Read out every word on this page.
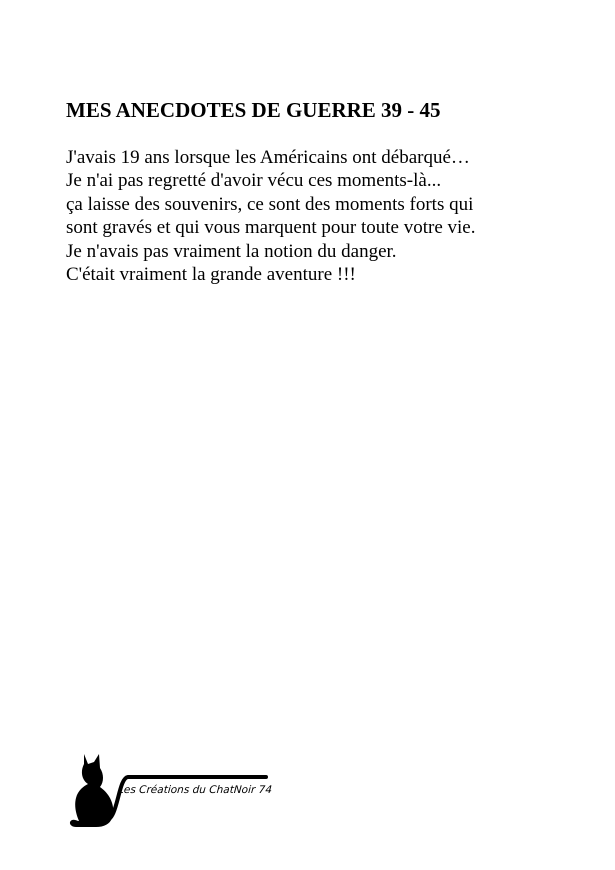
MES ANECDOTES DE GUERRE 39 - 45
J'avais 19 ans lorsque les Américains ont débarqué…
Je n'ai pas regretté d'avoir vécu ces moments-là...
ça laisse des souvenirs, ce sont des moments forts qui
sont gravés et qui vous marquent pour toute votre vie.
Je n'avais pas vraiment la notion du danger.
C'était vraiment la grande aventure !!!
Les Créations du ChatNoir 74
